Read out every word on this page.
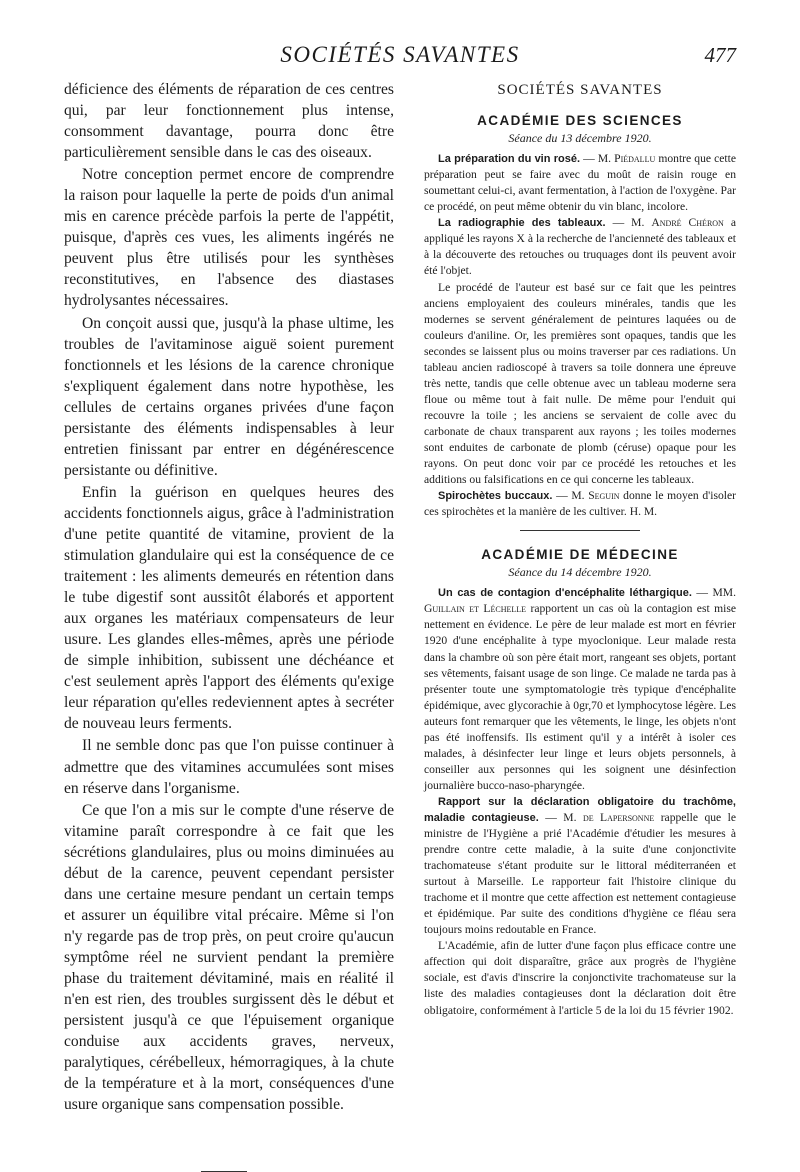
SOCIÉTÉS SAVANTES	477

déficience des éléments de réparation de ces centres qui, par leur fonctionnement plus intense, consomment davantage, pourra donc être particulièrement sensible dans le cas des oiseaux.

Notre conception permet encore de comprendre la raison pour laquelle la perte de poids d'un animal mis en carence précède parfois la perte de l'appétit, puisque, d'après ces vues, les aliments ingérés ne peuvent plus être utilisés pour les synthèses reconstitutives, en l'absence des diastases hydrolysantes nécessaires.

On conçoit aussi que, jusqu'à la phase ultime, les troubles de l'avitaminose aiguë soient purement fonctionnels et les lésions de la carence chronique s'expliquent également dans notre hypothèse, les cellules de certains organes privées d'une façon persistante des éléments indispensables à leur entretien finissant par entrer en dégénérescence persistante ou définitive.

Enfin la guérison en quelques heures des accidents fonctionnels aigus, grâce à l'administration d'une petite quantité de vitamine, provient de la stimulation glandulaire qui est la conséquence de ce traitement : les aliments demeurés en rétention dans le tube digestif sont aussitôt élaborés et apportent aux organes les matériaux compensateurs de leur usure. Les glandes elles-mêmes, après une période de simple inhibition, subissent une déchéance et c'est seulement après l'apport des éléments qu'exige leur réparation qu'elles redeviennent aptes à secréter de nouveau leurs ferments.

Il ne semble donc pas que l'on puisse continuer à admettre que des vitamines accumulées sont mises en réserve dans l'organisme.

Ce que l'on a mis sur le compte d'une réserve de vitamine paraît correspondre à ce fait que les sécrétions glandulaires, plus ou moins diminuées au début de la carence, peuvent cependant persister dans une certaine mesure pendant un certain temps et assurer un équilibre vital précaire. Même si l'on n'y regarde pas de trop près, on peut croire qu'aucun symptôme réel ne survient pendant la première phase du traitement dévitaminé, mais en réalité il n'en est rien, des troubles surgissent dès le début et persistent jusqu'à ce que l'épuisement organique conduise aux accidents graves, nerveux, paralytiques, cérébelleux, hémorragiques, à la chute de la température et à la mort, conséquences d'une usure organique sans compensation possible.

SOCIÉTÉS SAVANTES
ACADÉMIE DES SCIENCES
Séance du 13 décembre 1920.

La préparation du vin rosé. — M. Piédallu montre que cette préparation peut se faire avec du moût de raisin rouge en soumettant celui-ci, avant fermentation, à l'action de l'oxygène. Par ce procédé, on peut même obtenir du vin blanc, incolore.

La radiographie des tableaux. — M. André Chéron a appliqué les rayons X à la recherche de l'ancienneté des tableaux et à la découverte des retouches ou truquages dont ils peuvent avoir été l'objet.

Le procédé de l'auteur est basé sur ce fait que les peintres anciens employaient des couleurs minérales, tandis que les modernes se servent généralement de peintures laquées ou de couleurs d'aniline. Or, les premières sont opaques, tandis que les secondes se laissent plus ou moins traverser par ces radiations. Un tableau ancien radioscopé à travers sa toile donnera une épreuve très nette, tandis que celle obtenue avec un tableau moderne sera floue ou même tout à fait nulle. De même pour l'enduit qui recouvre la toile ; les anciens se servaient de colle avec du carbonate de chaux transparent aux rayons ; les toiles modernes sont enduites de carbonate de plomb (céruse) opaque pour les rayons. On peut donc voir par ce procédé les retouches et les additions ou falsifications en ce qui concerne les tableaux.

Spirochètes buccaux. — M. Seguin donne le moyen d'isoler ces spirochètes et la manière de les cultiver. H. M.

ACADÉMIE DE MÉDECINE
Séance du 14 décembre 1920.

Un cas de contagion d'encéphalite léthargique. — MM. Guillain et Léchelle rapportent un cas où la contagion est mise nettement en évidence. Le père de leur malade est mort en février 1920 d'une encéphalite à type myoclonique. Leur malade resta dans la chambre où son père était mort, rangeant ses objets, portant ses vêtements, faisant usage de son linge. Ce malade ne tarda pas à présenter toute une symptomatologie très typique d'encéphalite épidémique, avec glycorachie à 0gr,70 et lymphocytose légère. Les auteurs font remarquer que les vêtements, le linge, les objets n'ont pas été inoffensifs. Ils estiment qu'il y a intérêt à isoler ces malades, à désinfecter leur linge et leurs objets personnels, à conseiller aux personnes qui les soignent une désinfection journalière bucco-naso-pharyngée.

Rapport sur la déclaration obligatoire du trachôme, maladie contagieuse. — M. de Lapersonne rappelle que le ministre de l'Hygiène a prié l'Académie d'étudier les mesures à prendre contre cette maladie, à la suite d'une conjonctivite trachomateuse s'étant produite sur le littoral méditerranéen et surtout à Marseille. Le rapporteur fait l'histoire clinique du trachome et il montre que cette affection est nettement contagieuse et épidémique. Par suite des conditions d'hygiène ce fléau sera toujours moins redoutable en France.

L'Académie, afin de lutter d'une façon plus efficace contre une affection qui doit disparaître, grâce aux progrès de l'hygiène sociale, est d'avis d'inscrire la conjonctivite trachomateuse sur la liste des maladies contagieuses dont la déclaration doit être obligatoire, conformément à l'article 5 de la loi du 15 février 1902.
